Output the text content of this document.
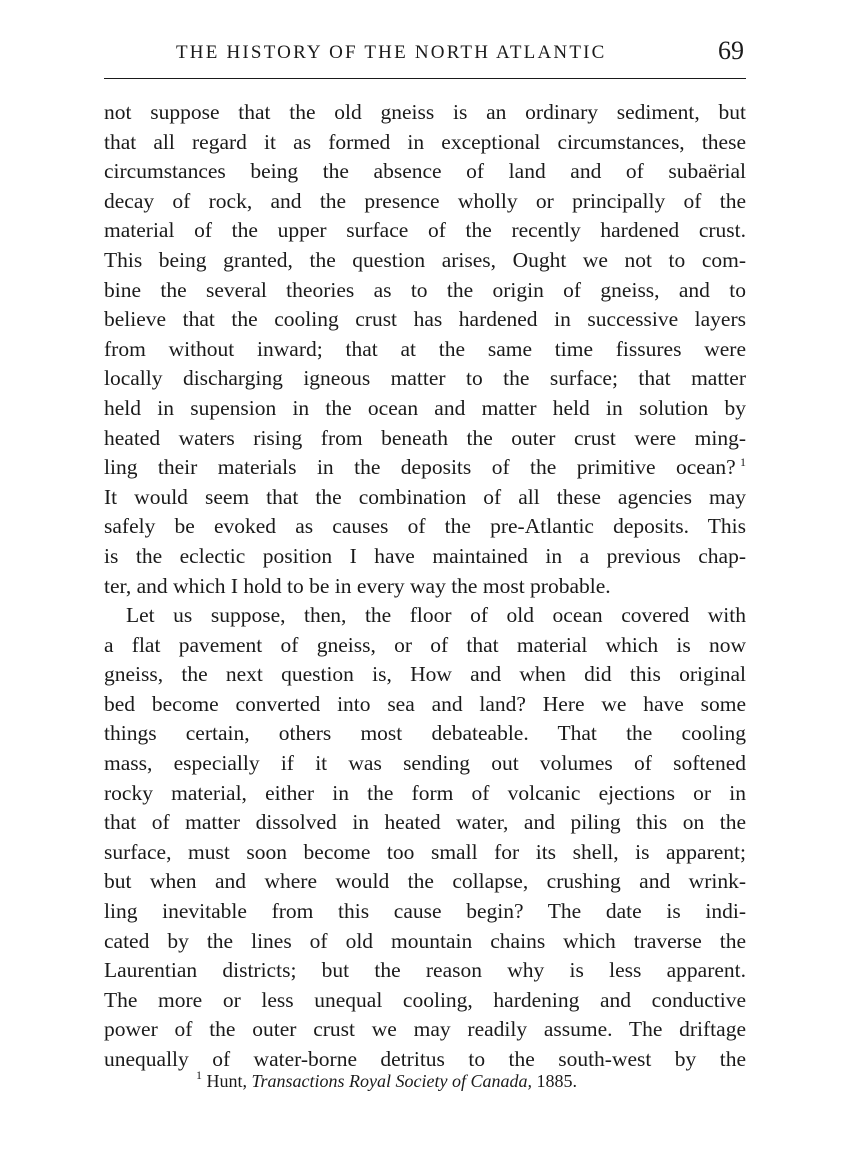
THE HISTORY OF THE NORTH ATLANTIC	69
not suppose that the old gneiss is an ordinary sediment, but
that all regard it as formed in exceptional circumstances, these
circumstances being the absence of land and of subaërial
decay of rock, and the presence wholly or principally of the
material of the upper surface of the recently hardened crust.
This being granted, the question arises, Ought we not to com-
bine the several theories as to the origin of gneiss, and to
believe that the cooling crust has hardened in successive layers
from without inward; that at the same time fissures were
locally discharging igneous matter to the surface; that matter
held in supension in the ocean and matter held in solution by
heated waters rising from beneath the outer crust were ming-
ling their materials in the deposits of the primitive ocean?  $^1$
It would seem that the combination of all these agencies may
safely be evoked as causes of the pre-Atlantic deposits. This
is the eclectic position I have maintained in a previous chap-
ter, and which I hold to be in every way the most probable.
Let us suppose, then, the floor of old ocean covered with
a flat pavement of gneiss, or of that material which is now
gneiss, the next question is, How and when did this original
bed become converted into sea and land? Here we have some
things certain, others most debateable. That the cooling
mass, especially if it was sending out volumes of softened
rocky material, either in the form of volcanic ejections or in
that of matter dissolved in heated water, and piling this on the
surface, must soon become too small for its shell, is apparent;
but when and where would the collapse, crushing and wrink-
ling inevitable from this cause begin? The date is indi-
cated by the lines of old mountain chains which traverse the
Laurentian districts; but the reason why is less apparent.
The more or less unequal cooling, hardening and conductive
power of the outer crust we may readily assume. The driftage
unequally of water-borne detritus to the south-west by the
$^1$ Hunt, Transactions Royal Society of Canada, 1885.
